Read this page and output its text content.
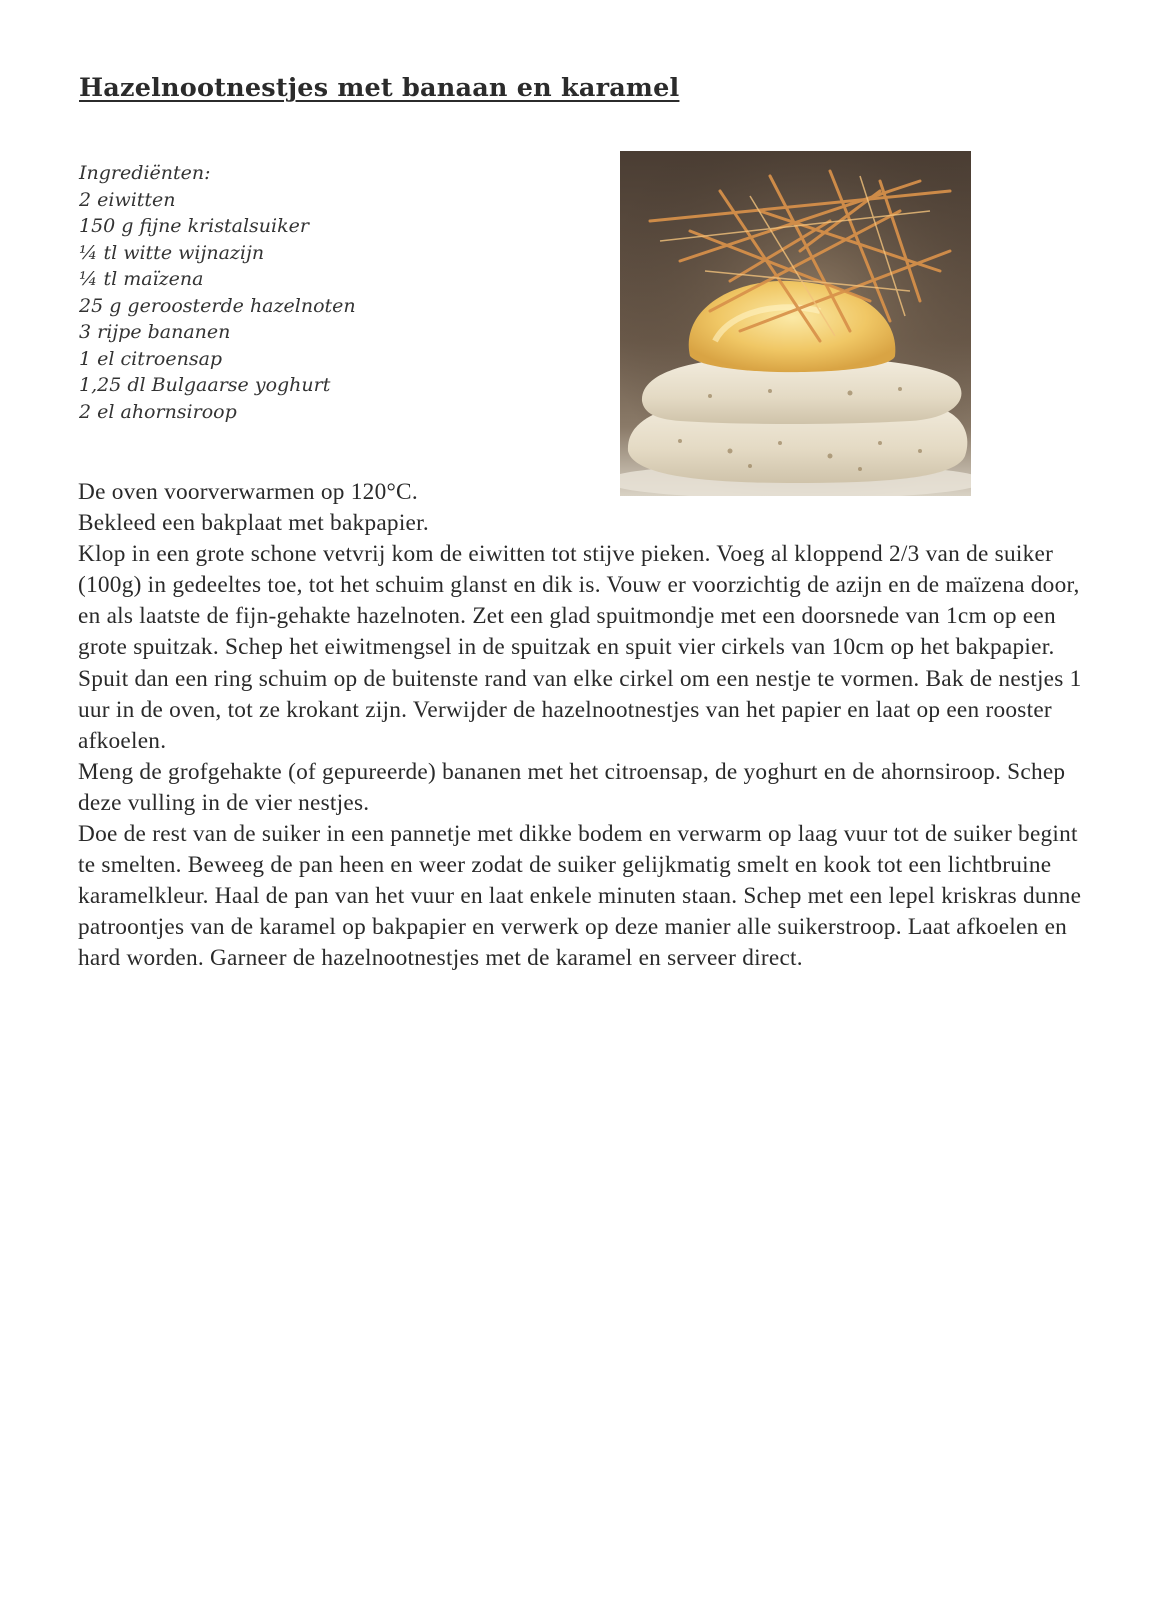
Hazelnootnestjes met banaan en karamel
Ingrediënten:
2 eiwitten
150 g fijne kristalsuiker
¼ tl witte wijnazijn
¼ tl maïzena
25 g geroosterde hazelnoten
3 rijpe bananen
1 el citroensap
1,25 dl Bulgaarse yoghurt
2 el ahornsiroop

De oven voorverwarmen op 120°C.

Bekleed een bakplaat met bakpapier.

Klop in een grote schone vetvrij kom de eiwitten tot stijve pieken. Voeg al kloppend 2/3 van de suiker (100g) in gedeeltes toe, tot het schuim glanst en dik is. Vouw er voorzichtig de azijn en de maïzena door, en als laatste de fijn-gehakte hazelnoten. Zet een glad spuitmondje met een doorsnede van 1cm op een grote spuitzak. Schep het eiwitmengsel in de spuitzak en spuit vier cirkels van 10cm op het bakpapier. Spuit dan een ring schuim op de buitenste rand van elke cirkel om een nestje te vormen. Bak de nestjes 1 uur in de oven, tot ze krokant zijn. Verwijder de hazelnootnestjes van het papier en laat op een rooster afkoelen.

Meng de grofgehakte (of gepureerde) bananen met het citroensap, de yoghurt en de ahornsiroop. Schep deze vulling in de vier nestjes.

Doe de rest van de suiker in een pannetje met dikke bodem en verwarm op laag vuur tot de suiker begint te smelten. Beweeg de pan heen en weer zodat de suiker gelijkmatig smelt en kook tot een lichtbruine karamelkleur. Haal de pan van het vuur en laat enkele minuten staan. Schep met een lepel kriskras dunne patroontjes van de karamel op bakpapier en verwerk op deze manier alle suikerstroop. Laat afkoelen en hard worden. Garneer de hazelnootnestjes met de karamel en serveer direct.
